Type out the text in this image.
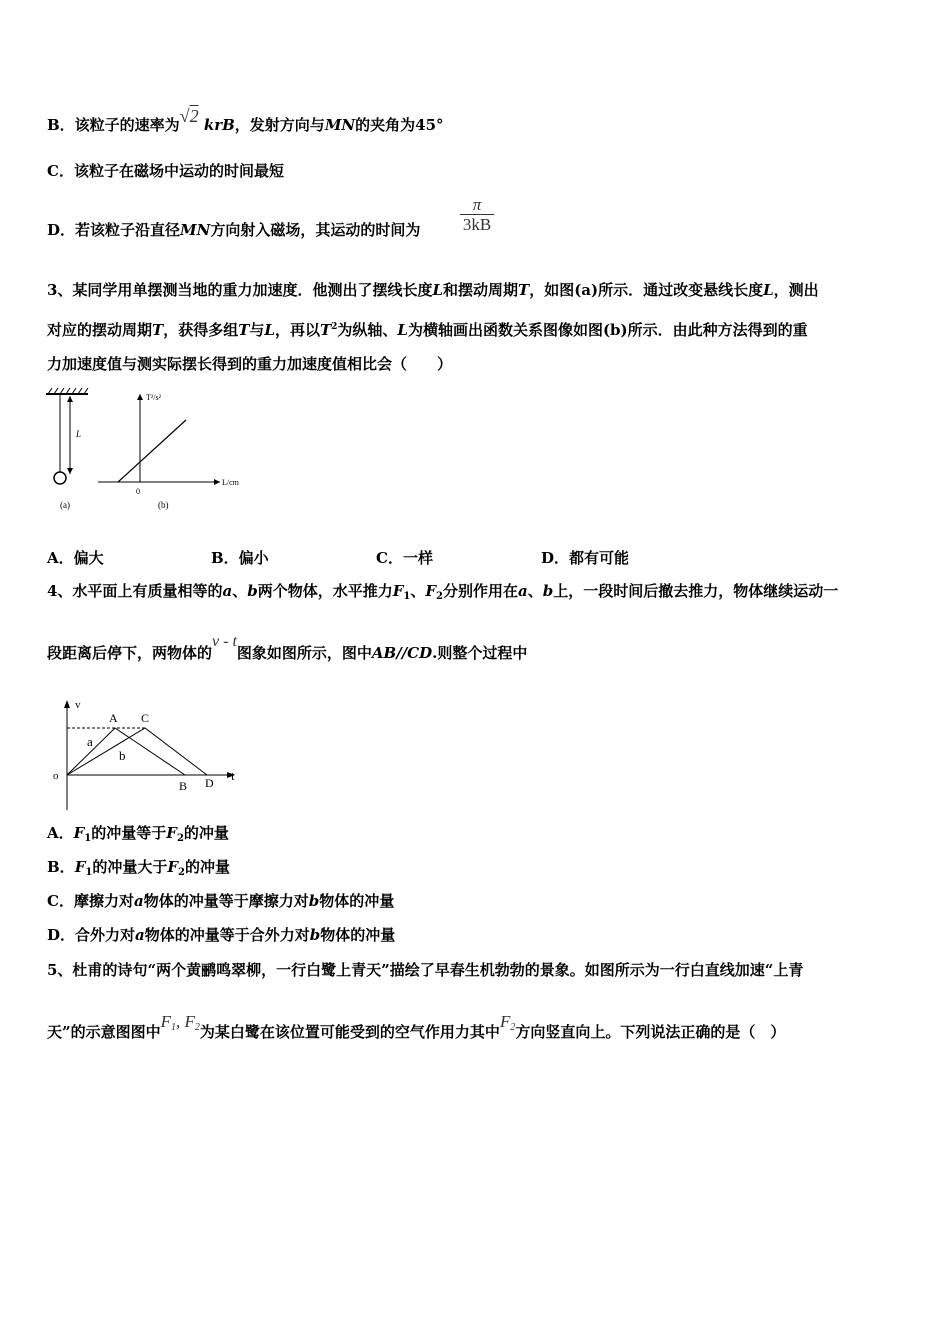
B．该粒子的速率为√2 krB，发射方向与MN的夹角为45°
C．该粒子在磁场中运动的时间最短
D．若该粒子沿直径MN方向射入磁场，其运动的时间为
π
3kB
3、某同学用单摆测当地的重力加速度．他测出了摆线长度L和摆动周期T，如图(a)所示．通过改变悬线长度L，测出
对应的摆动周期T，获得多组T与L，再以$T^2$为纵轴、L为横轴画出函数关系图像如图(b)所示．由此种方法得到的重
力加速度值与测实际摆长得到的重力加速度值相比会（　　）
L
(a)
T²/s²
L/cm
0
(b)
A．偏大	B．偏小	C．一样	D．都有可能
4、水平面上有质量相等的a、b两个物体，水平推力$F_1$、$F_2$分别作用在a、b上，一段时间后撤去推力，物体继续运动一
段距离后停下，两物体的v - t图象如图所示，图中AB//CD.则整个过程中
v
t
o
A C
B D
a
b
A．$F_1$的冲量等于$F_2$的冲量
B．$F_1$的冲量大于$F_2$的冲量
C．摩擦力对a物体的冲量等于摩擦力对b物体的冲量
D．合外力对a物体的冲量等于合外力对b物体的冲量
5、杜甫的诗句“两个黄鹂鸣翠柳，一行白鹭上青天”描绘了早春生机勃勃的景象。如图所示为一行白直线加速“上青
天”的示意图图中$F_1$, $F_2$为某白鹭在该位置可能受到的空气作用力其中$F_2$方向竖直向上。下列说法正确的是（　）
